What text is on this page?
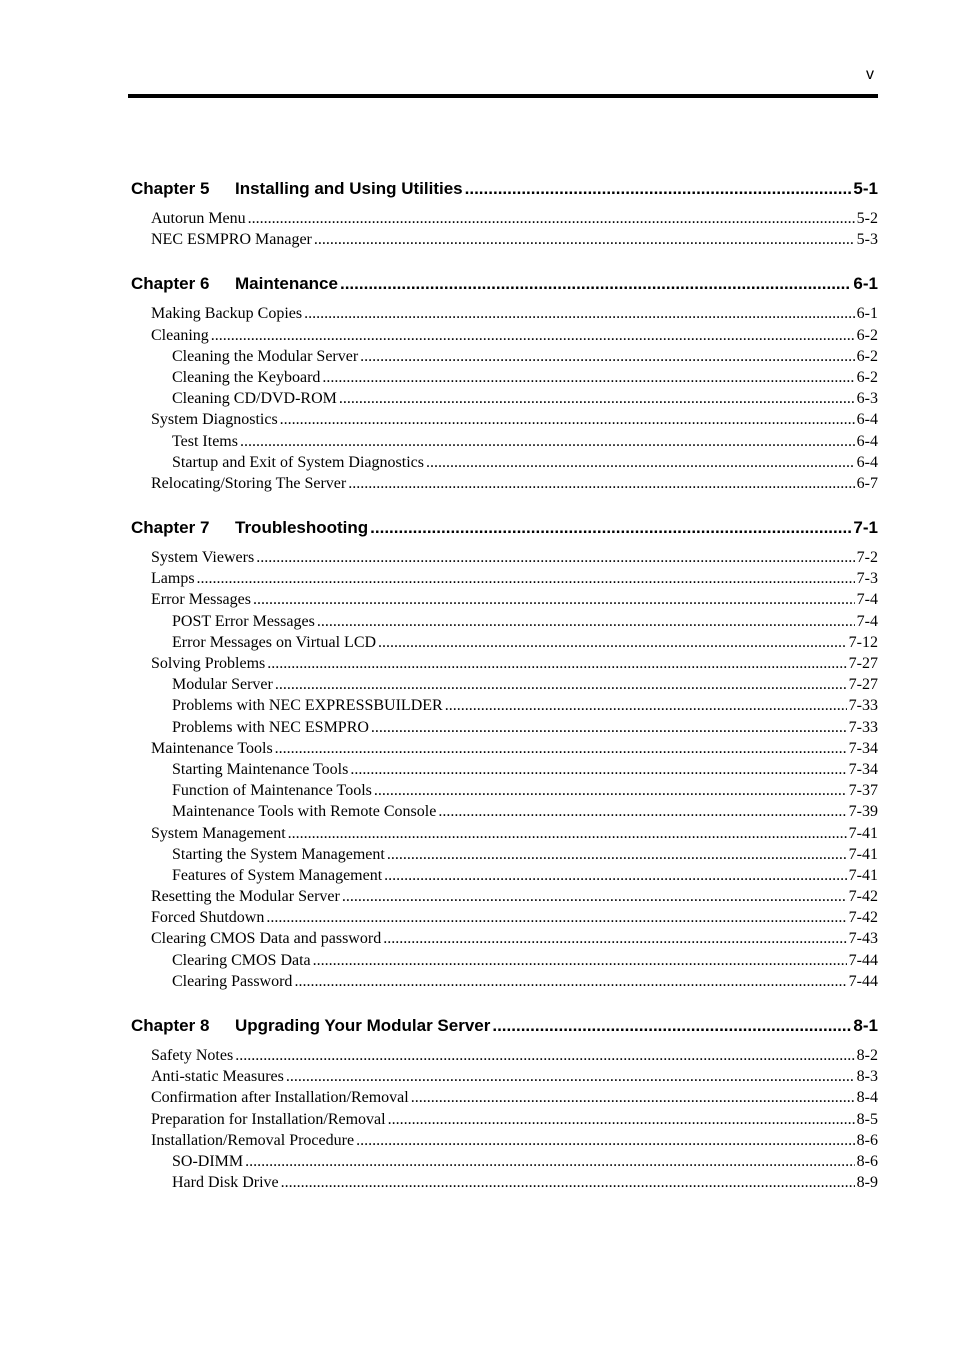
v
Chapter 5 Installing and Using Utilities .....	5-1
Autorun Menu .....	5-2
NEC ESMPRO Manager .....	5-3
Chapter 6 Maintenance .....	6-1
Making Backup Copies .....	6-1
Cleaning .....	6-2
Cleaning the Modular Server .....	6-2
Cleaning the Keyboard .....	6-2
Cleaning CD/DVD-ROM .....	6-3
System Diagnostics .....	6-4
Test Items .....	6-4
Startup and Exit of System Diagnostics .....	6-4
Relocating/Storing The Server .....	6-7
Chapter 7 Troubleshooting .....	7-1
System Viewers .....	7-2
Lamps .....	7-3
Error Messages .....	7-4
POST Error Messages .....	7-4
Error Messages on Virtual LCD .....	7-12
Solving Problems .....	7-27
Modular Server .....	7-27
Problems with NEC EXPRESSBUILDER .....	7-33
Problems with NEC ESMPRO .....	7-33
Maintenance Tools .....	7-34
Starting Maintenance Tools .....	7-34
Function of Maintenance Tools .....	7-37
Maintenance Tools with Remote Console .....	7-39
System Management .....	7-41
Starting the System Management .....	7-41
Features of System Management .....	7-41
Resetting the Modular Server .....	7-42
Forced Shutdown .....	7-42
Clearing CMOS Data and password .....	7-43
Clearing CMOS Data .....	7-44
Clearing Password .....	7-44
Chapter 8 Upgrading Your Modular Server .....	8-1
Safety Notes .....	8-2
Anti-static Measures .....	8-3
Confirmation after Installation/Removal .....	8-4
Preparation for Installation/Removal .....	8-5
Installation/Removal Procedure .....	8-6
SO-DIMM .....	8-6
Hard Disk Drive .....	8-9
